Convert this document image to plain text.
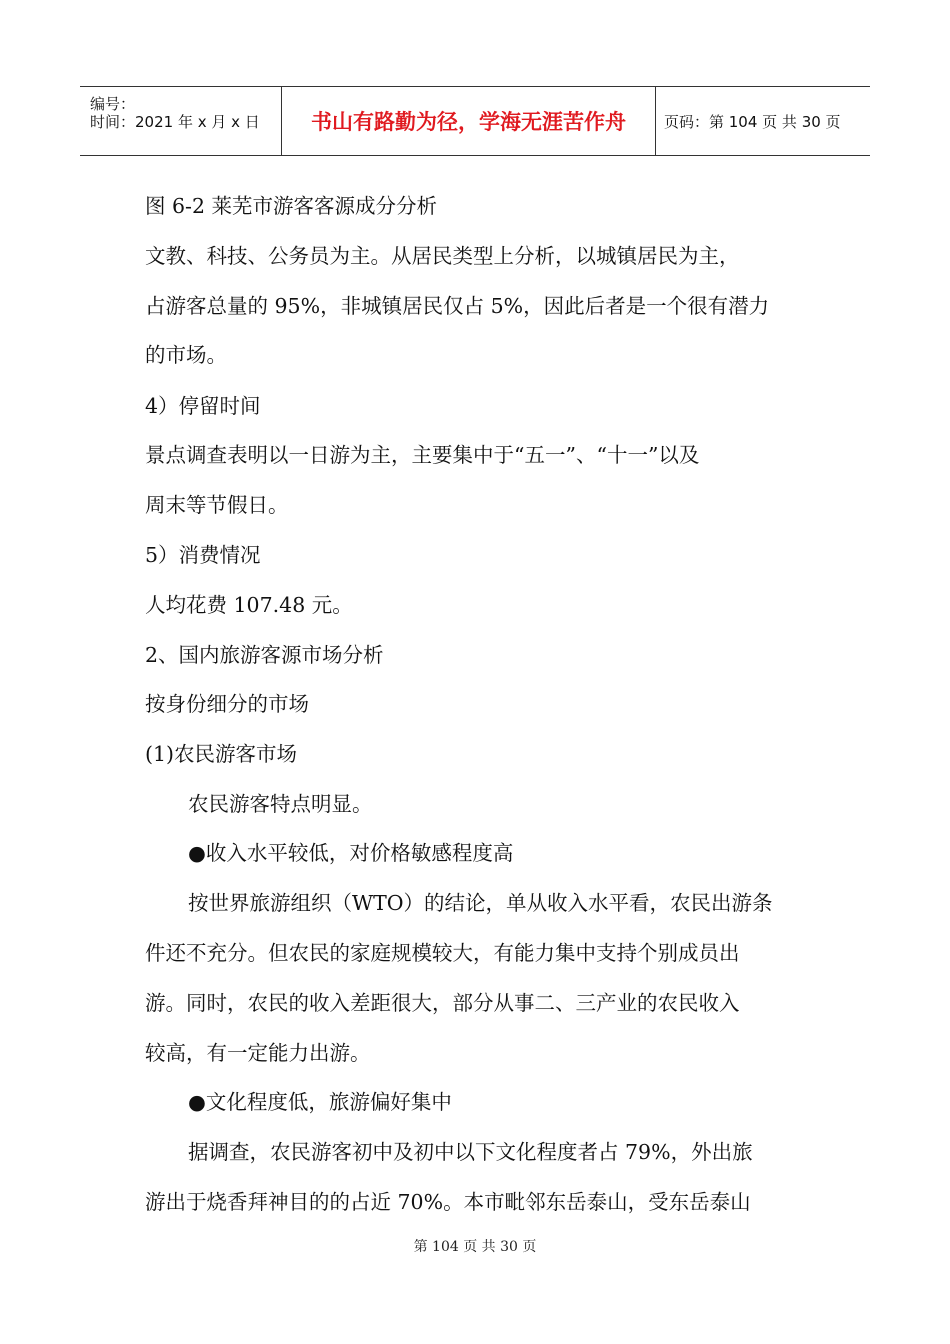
编号：
时间：2021 年 x 月 x 日 书山有路勤为径，学海无涯苦作舟	页码：第 104 页 共 30 页
图 6-2 莱芜市游客客源成分分析
文教、科技、公务员为主。从居民类型上分析，以城镇居民为主，
占游客总量的 95%，非城镇居民仅占 5%，因此后者是一个很有潜力
的市场。
4）停留时间
景点调查表明以一日游为主，主要集中于“五一”、“十一”以及
周末等节假日。
5）消费情况
人均花费 107.48 元。
2、国内旅游客源市场分析
按身份细分的市场
(1)农民游客市场
农民游客特点明显。
●收入水平较低，对价格敏感程度高
按世界旅游组织（WTO）的结论，单从收入水平看，农民出游条
件还不充分。但农民的家庭规模较大，有能力集中支持个别成员出
游。同时，农民的收入差距很大，部分从事二、三产业的农民收入
较高，有一定能力出游。
●文化程度低，旅游偏好集中
据调查，农民游客初中及初中以下文化程度者占 79%，外出旅
游出于烧香拜神目的的占近 70%。本市毗邻东岳泰山，受东岳泰山
第 104 页 共 30 页
